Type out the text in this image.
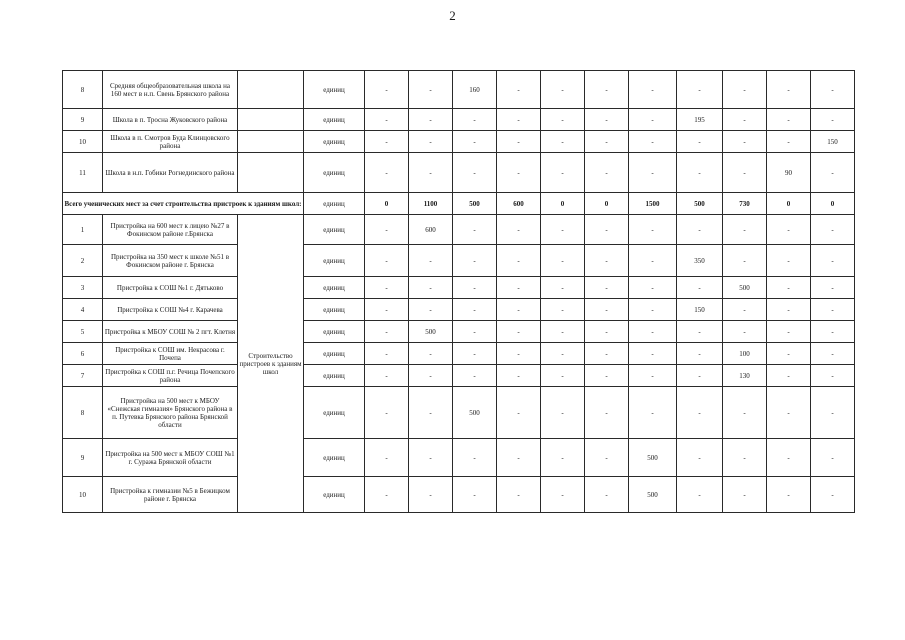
2
8	Средняя общеобразовательная школа на 160 мест в н.п. Свень Брянского района		единиц	-	-	160	-	-	-	-	-	-	-	-
9	Школа в п. Тросна Жуковского района		единиц	-	-	-	-	-	-	-	195	-	-	-
10	Школа в п. Смотров Буда Клинцовского района		единиц	-	-	-	-	-	-	-	-	-	-	150
11	Школа в н.п. Гобики Рогнединского района		единиц	-	-	-	-	-	-	-	-	-	90	-
Всего ученических мест за счет строительства пристроек к зданиям школ:			единиц	0	1100	500	600	0	0	1500	500	730	0	0
1	Пристройка на 600 мест к лицею №27 в Фокинском районе г.Брянска	Строительство пристроев к зданиям школ	единиц	-	600	-	-	-	-	-	-	-	-	-
2	Пристройка на 350 мест к школе №51 в Фокинском районе г. Брянска		единиц	-	-	-	-	-	-	-	350	-	-	-
3	Пристройка к СОШ №1 г. Дятьково		единиц	-	-	-	-	-	-	-	-	500	-	-
4	Пристройка к СОШ №4 г. Карачева		единиц	-	-	-	-	-	-	-	150	-	-	-
5	Пристройка к МБОУ СОШ № 2 пгт. Клетня		единиц	-	500	-	-	-	-	-	-	-	-	-
6	Пристройка к СОШ им. Некрасова г. Почепа		единиц	-	-	-	-	-	-	-	-	100	-	-
7	Пристройка к СОШ п.г. Речица Почепского района		единиц	-	-	-	-	-	-	-	-	130	-	-
8	Пристройка на 500 мест к МБОУ «Снежская гимназия» Брянского района в п. Путевка Брянского района Брянской области		единиц	-	-	500	-	-	-	-	-	-	-	-
9	Пристройка на 500 мест к МБОУ СОШ №1 г. Суража Брянской области		единиц	-	-	-	-	-	-	500	-	-	-	-
10	Пристройка к гимназии №5 в Бежицком районе г. Брянска		единиц	-	-	-	-	-	-	500	-	-	-	-
